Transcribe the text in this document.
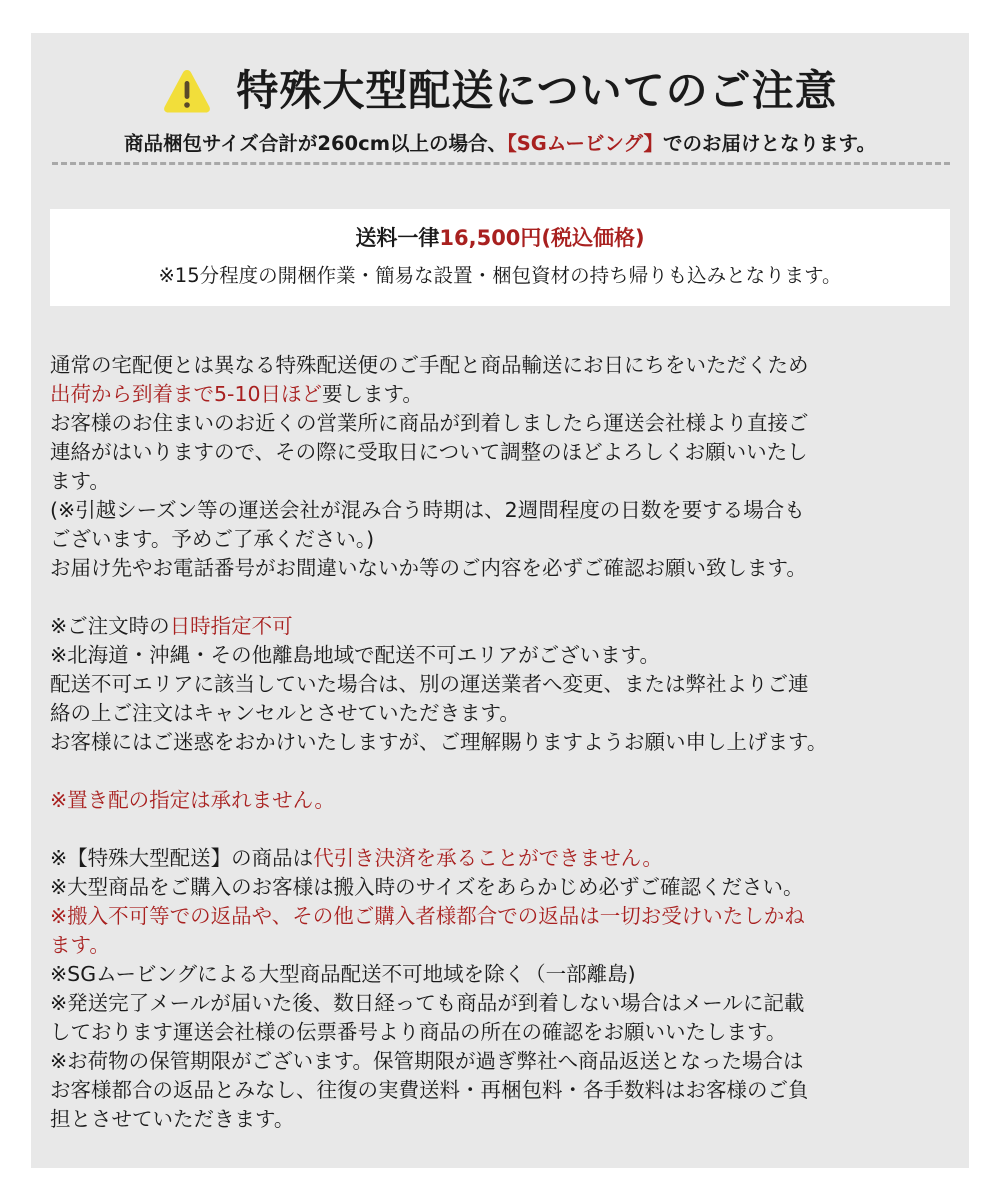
特殊大型配送についてのご注意
商品梱包サイズ合計が260cm以上の場合、【SGムービング】でのお届けとなります。
送料一律16,500円(税込価格)
※15分程度の開梱作業・簡易な設置・梱包資材の持ち帰りも込みとなります。
通常の宅配便とは異なる特殊配送便のご手配と商品輸送にお日にちをいただくため
出荷から到着まで5-10日ほど要します。
お客様のお住まいのお近くの営業所に商品が到着しましたら運送会社様より直接ご
連絡がはいりますので、その際に受取日について調整のほどよろしくお願いいたし
ます。
(※引越シーズン等の運送会社が混み合う時期は、2週間程度の日数を要する場合も
ございます。予めご了承ください。)
お届け先やお電話番号がお間違いないか等のご内容を必ずご確認お願い致します。
※ご注文時の日時指定不可
※北海道・沖縄・その他離島地域で配送不可エリアがございます。
配送不可エリアに該当していた場合は、別の運送業者へ変更、または弊社よりご連
絡の上ご注文はキャンセルとさせていただきます。
お客様にはご迷惑をおかけいたしますが、ご理解賜りますようお願い申し上げます。
※置き配の指定は承れません。
※【特殊大型配送】の商品は代引き決済を承ることができません。
※大型商品をご購入のお客様は搬入時のサイズをあらかじめ必ずご確認ください。
※搬入不可等での返品や、その他ご購入者様都合での返品は一切お受けいたしかね
ます。
※SGムービングによる大型商品配送不可地域を除く（一部離島)
※発送完了メールが届いた後、数日経っても商品が到着しない場合はメールに記載
しております運送会社様の伝票番号より商品の所在の確認をお願いいたします。
※お荷物の保管期限がございます。保管期限が過ぎ弊社へ商品返送となった場合は
お客様都合の返品とみなし、往復の実費送料・再梱包料・各手数料はお客様のご負
担とさせていただきます。
